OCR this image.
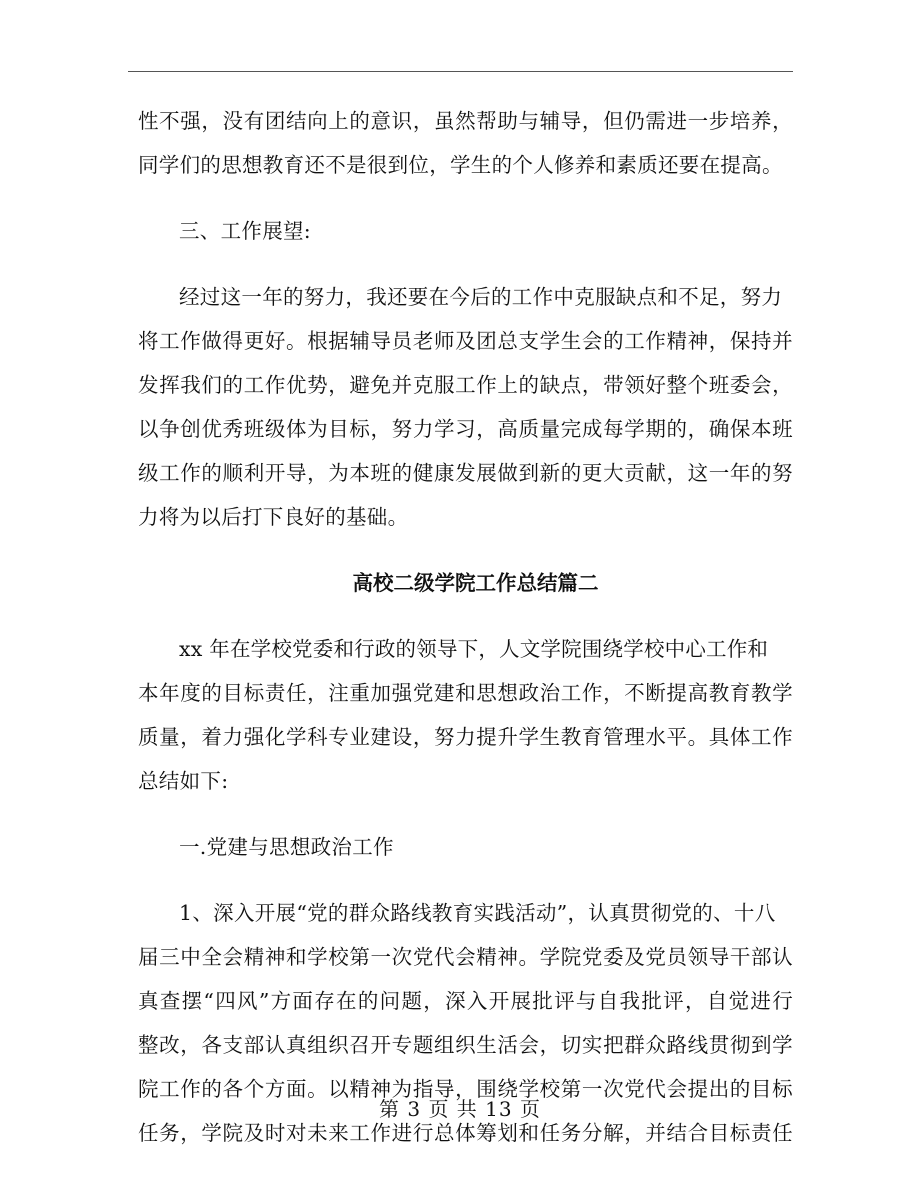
性不强，没有团结向上的意识，虽然帮助与辅导，但仍需进一步培养，
同学们的思想教育还不是很到位，学生的个人修养和素质还要在提高。
三、工作展望:
经过这一年的努力，我还要在今后的工作中克服缺点和不足，努力
将工作做得更好。根据辅导员老师及团总支学生会的工作精神，保持并
发挥我们的工作优势，避免并克服工作上的缺点，带领好整个班委会，
以争创优秀班级体为目标，努力学习，高质量完成每学期的，确保本班
级工作的顺利开导，为本班的健康发展做到新的更大贡献，这一年的努
力将为以后打下良好的基础。
高校二级学院工作总结篇二
xx 年在学校党委和行政的领导下，人文学院围绕学校中心工作和
本年度的目标责任，注重加强党建和思想政治工作，不断提高教育教学
质量，着力强化学科专业建设，努力提升学生教育管理水平。具体工作
总结如下:
一.党建与思想政治工作
1、深入开展“党的群众路线教育实践活动”，认真贯彻党的、十八
届三中全会精神和学校第一次党代会精神。学院党委及党员领导干部认
真查摆“四风”方面存在的问题，深入开展批评与自我批评，自觉进行
整改，各支部认真组织召开专题组织生活会，切实把群众路线贯彻到学
院工作的各个方面。以精神为指导，围绕学校第一次党代会提出的目标
任务，学院及时对未来工作进行总体筹划和任务分解，并结合目标责任
第 3 页 共 13 页
